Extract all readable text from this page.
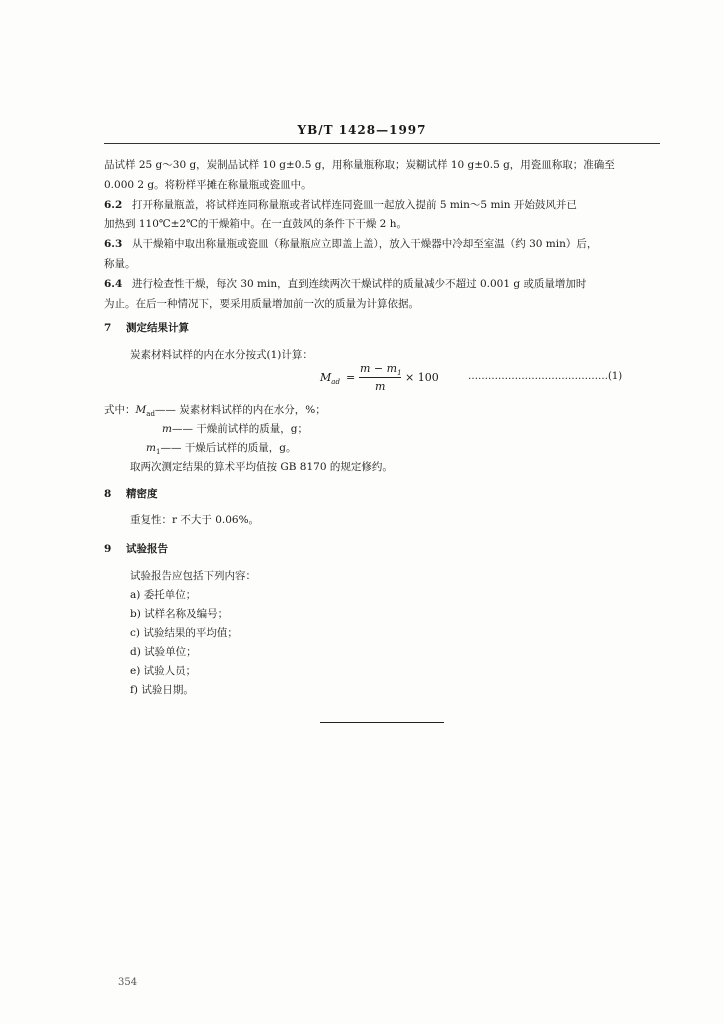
YB/T 1428—1997
品试样 25 g～30 g，炭制品试样 10 g±0.5 g，用称量瓶称取；炭糊试样 10 g±0.5 g，用瓷皿称取；准确至
0.000 2 g。将粉样平摊在称量瓶或瓷皿中。
6.2 打开称量瓶盖，将试样连同称量瓶或者试样连同瓷皿一起放入提前 5 min～5 min 开始鼓风并已
加热到 110℃±2℃的干燥箱中。在一直鼓风的条件下干燥 2 h。
6.3 从干燥箱中取出称量瓶或瓷皿（称量瓶应立即盖上盖），放入干燥器中冷却至室温（约 30 min）后，
称量。
6.4 进行检查性干燥，每次 30 min，直到连续两次干燥试样的质量减少不超过 0.001 g 或质量增加时
为止。在后一种情况下，要采用质量增加前一次的质量为计算依据。
7 测定结果计算
炭素材料试样的内在水分按式(1)计算：
$M_{ad}$ =
$m - m_1$
m
× 100	……………………………………(1)
式中：$M_{ad}——$ 炭素材料试样的内在水分，%；
m—— 干燥前试样的质量，g；
$m_1——$ 干燥后试样的质量，g。
取两次测定结果的算术平均值按 GB 8170 的规定修约。
8 精密度
重复性：r 不大于 0.06%。
9 试验报告
试验报告应包括下列内容：
a) 委托单位；
b) 试样名称及编号；
c) 试验结果的平均值；
d) 试验单位；
e) 试验人员；
f) 试验日期。
354
